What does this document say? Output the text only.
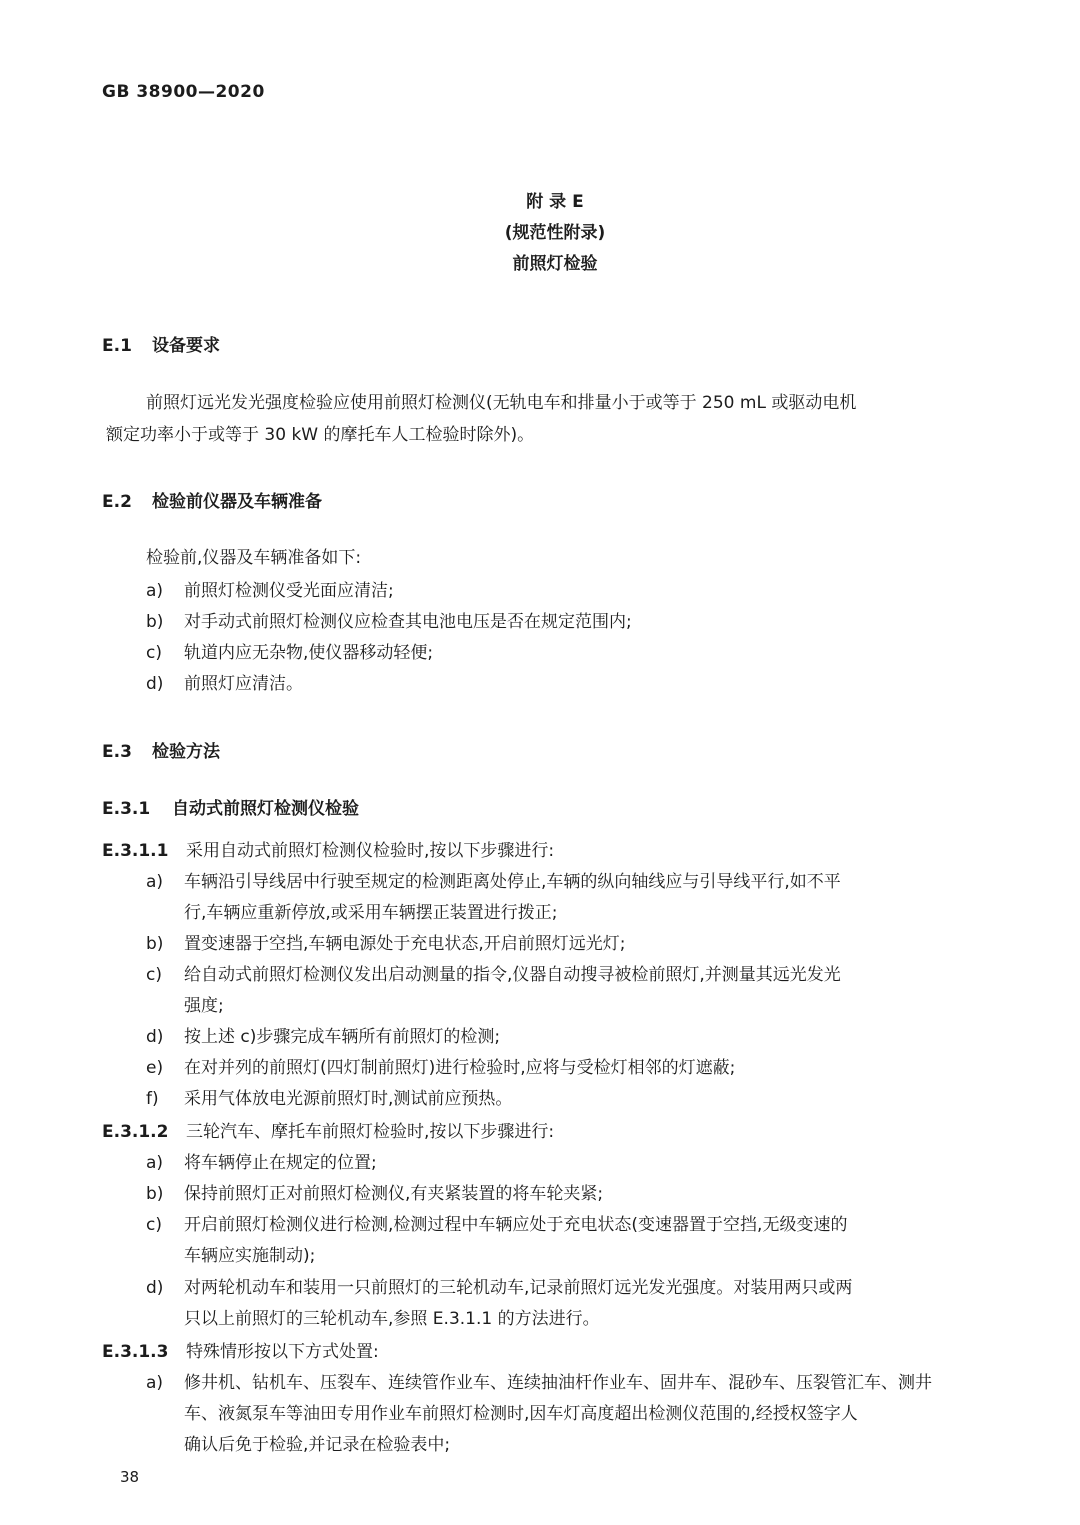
GB 38900—2020
附 录 E
(规范性附录)
前照灯检验
E.1 设备要求
前照灯远光发光强度检验应使用前照灯检测仪(无轨电车和排量小于或等于 250 mL 或驱动电机
额定功率小于或等于 30 kW 的摩托车人工检验时除外)。
E.2 检验前仪器及车辆准备
检验前,仪器及车辆准备如下:
a) 前照灯检测仪受光面应清洁;
b) 对手动式前照灯检测仪应检查其电池电压是否在规定范围内;
c) 轨道内应无杂物,使仪器移动轻便;
d) 前照灯应清洁。
E.3 检验方法
E.3.1 自动式前照灯检测仪检验
E.3.1.1 采用自动式前照灯检测仪检验时,按以下步骤进行:
a) 车辆沿引导线居中行驶至规定的检测距离处停止,车辆的纵向轴线应与引导线平行,如不平
行,车辆应重新停放,或采用车辆摆正装置进行拨正;
b) 置变速器于空挡,车辆电源处于充电状态,开启前照灯远光灯;
c) 给自动式前照灯检测仪发出启动测量的指令,仪器自动搜寻被检前照灯,并测量其远光发光
强度;
d) 按上述 c)步骤完成车辆所有前照灯的检测;
e) 在对并列的前照灯(四灯制前照灯)进行检验时,应将与受检灯相邻的灯遮蔽;
f) 采用气体放电光源前照灯时,测试前应预热。
E.3.1.2 三轮汽车、摩托车前照灯检验时,按以下步骤进行:
a) 将车辆停止在规定的位置;
b) 保持前照灯正对前照灯检测仪,有夹紧装置的将车轮夹紧;
c) 开启前照灯检测仪进行检测,检测过程中车辆应处于充电状态(变速器置于空挡,无级变速的
车辆应实施制动);
d) 对两轮机动车和装用一只前照灯的三轮机动车,记录前照灯远光发光强度。对装用两只或两
只以上前照灯的三轮机动车,参照 E.3.1.1 的方法进行。
E.3.1.3 特殊情形按以下方式处置:
a) 修井机、钻机车、压裂车、连续管作业车、连续抽油杆作业车、固井车、混砂车、压裂管汇车、测井
车、液氮泵车等油田专用作业车前照灯检测时,因车灯高度超出检测仪范围的,经授权签字人
确认后免于检验,并记录在检验表中;
38
